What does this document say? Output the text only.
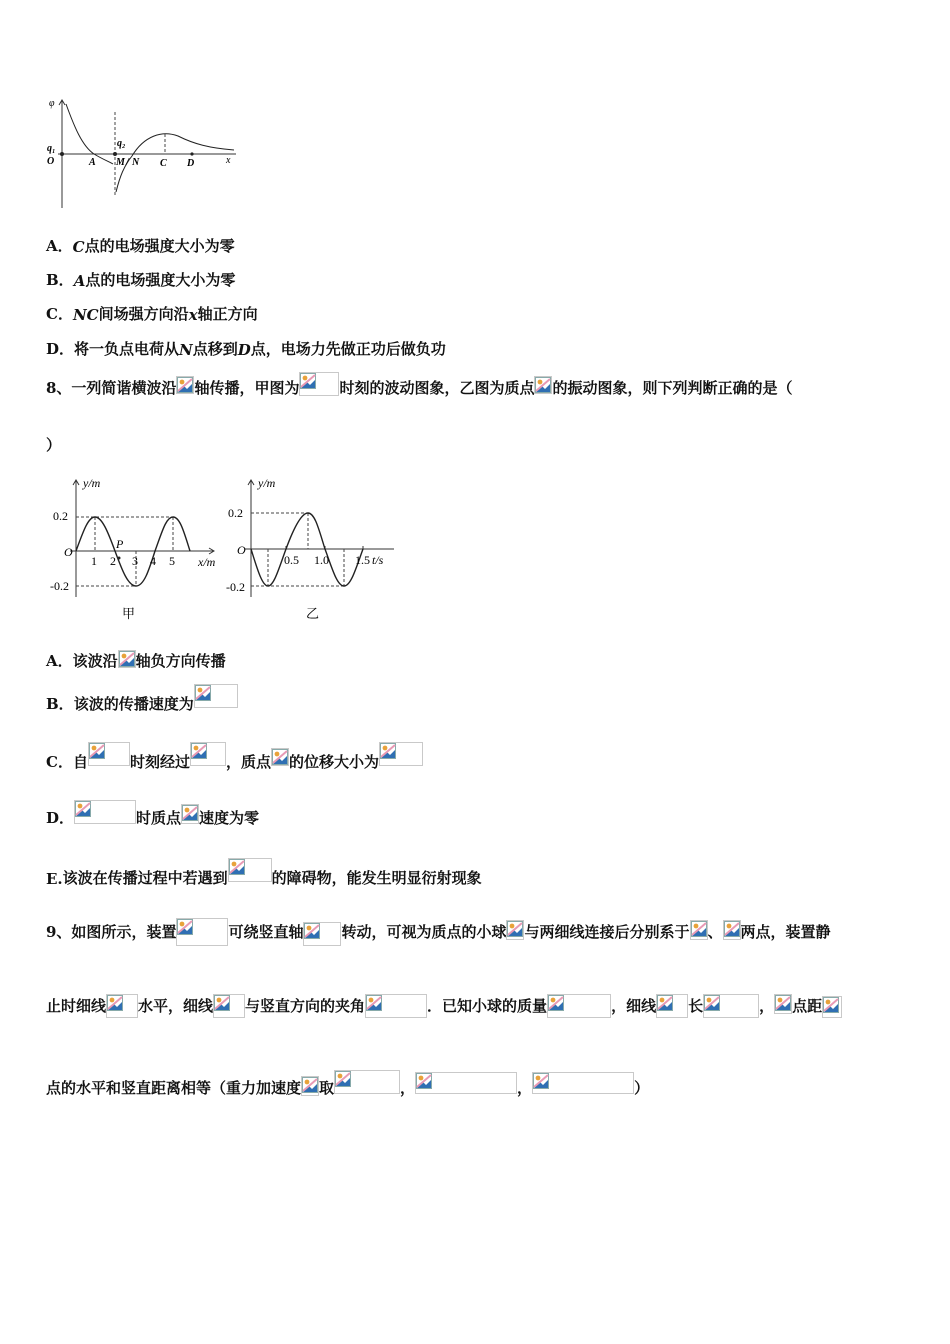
φ
x
q₁
O
q₂
A M / N C D
A． C 点的电场强度大小为零
B． A 点的电场强度大小为零
C． NC 间场强方向沿 x 轴正方向
D． 将一负点电荷从 N 点移到 D 点，电场力先做正功后做负功
8、一列简谐横波沿 轴传播，甲图为	时刻的波动图象，乙图为质点 的振动图象，则下列判断正确的是（
）
y/m
x/m
0.2
-0.2
O
P
1 2 3 4 5
甲
y/m
t/s
0.2
-0.2
O
0.5 1.0 1.5
乙
A． 该波沿 轴负方向传播
B． 该波的传播速度为
C． 自	时刻经过 ，质点 的位移大小为
D．	时质点 速度为零
E. 该波在传播过程中若遇到	的障碍物，能发生明显衍射现象
9、如图所示，装置	可绕竖直轴	转动，可视为质点的小球 与两细线连接后分别系于 、 两点，装置静
止时细线 水平，细线 与竖直方向的夹角	．已知小球的质量	，细线 长	， 点距
点的水平和竖直距离相等（重力加速度 取	，	，	）
